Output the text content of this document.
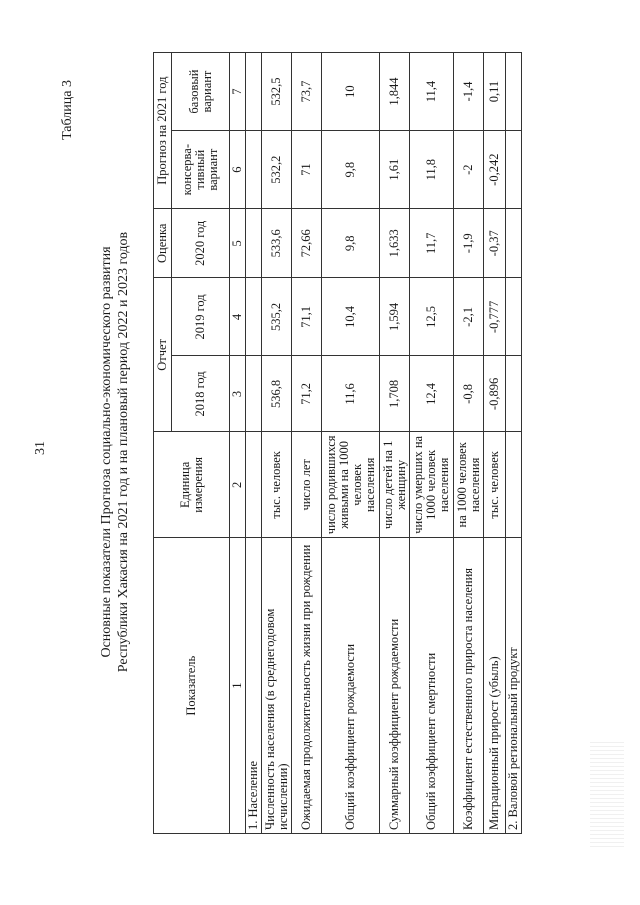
31
Таблица 3
Основные показатели Прогноза социально-экономического развития Республики Хакасия на 2021 год и на плановый период 2022 и 2023 годов
Показатель	Единица измерения	Отчет		Оценка	Прогноз на 2021 год	
		2018 год	2019 год	2020 год	консерва-тивный вариант	базовый вариант
1	2	3	4	5	6	7
1. Население						
Численность населения (в среднегодовом исчислении)	тыс. человек	536,8	535,2	533,6	532,2	532,5
Ожидаемая продолжительность жизни при рождении	число лет	71,2	71,1	72,66	71	73,7
Общий коэффициент рождаемости	число родившихся живыми на 1000 человек населения	11,6	10,4	9,8	9,8	10
Суммарный коэффициент рождаемости	число детей на 1 женщину	1,708	1,594	1,633	1,61	1,844
Общий коэффициент смертности	число умерших на 1000 человек населения	12,4	12,5	11,7	11,8	11,4
Коэффициент естественного прироста населения	на 1000 человек населения	-0,8	-2,1	-1,9	-2	-1,4
Миграционный прирост (убыль)	тыс. человек	-0,896	-0,777	-0,37	-0,242	0,11
2. Валовой региональный продукт						
